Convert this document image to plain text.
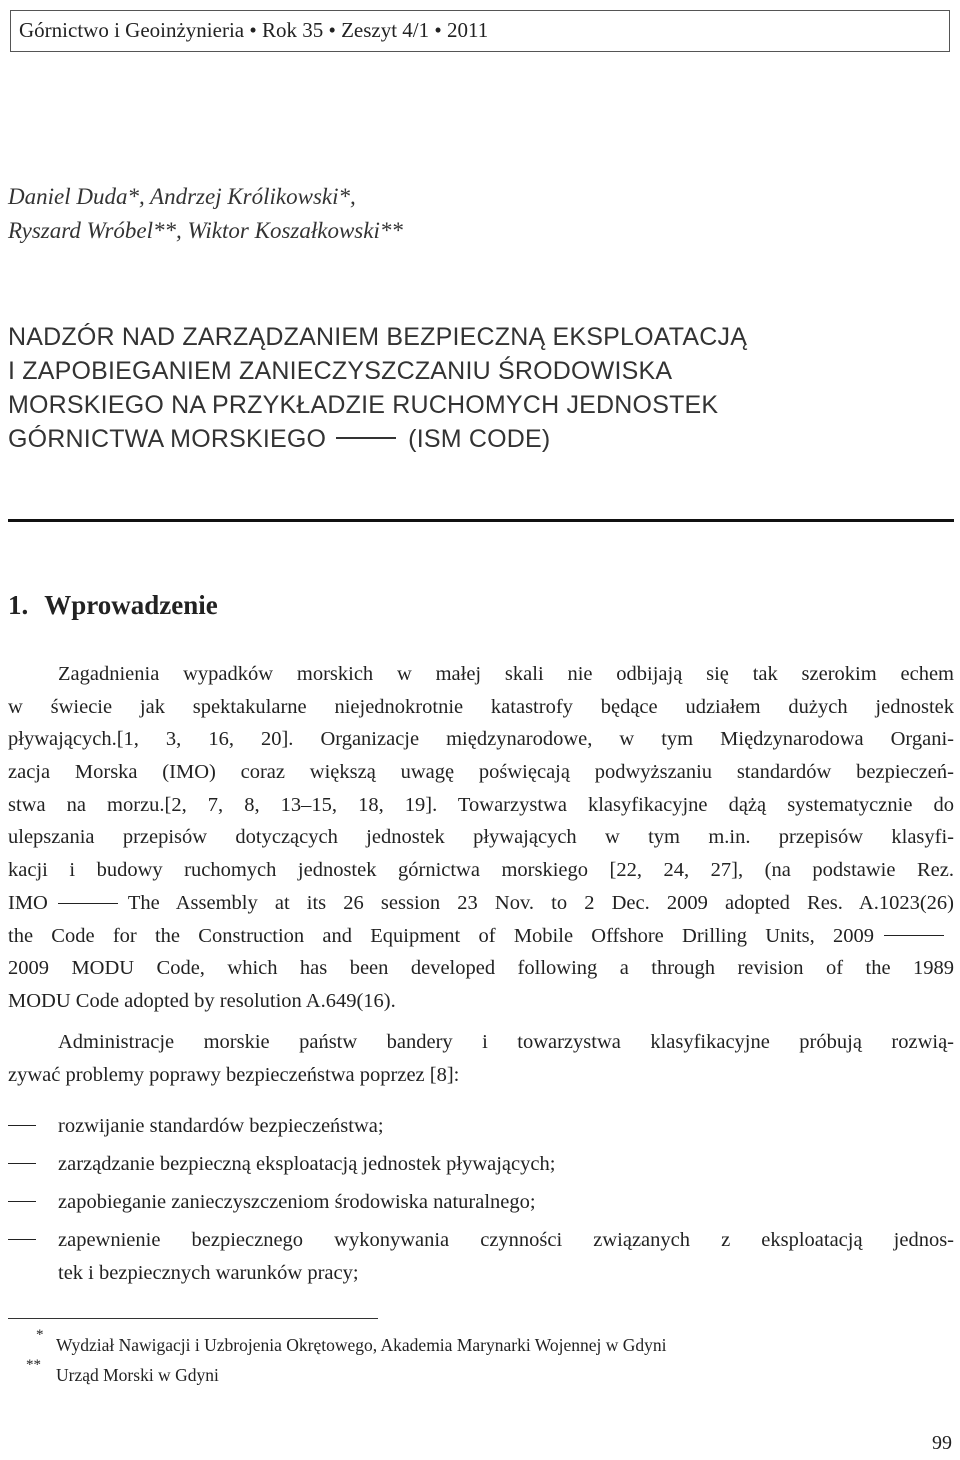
Górnictwo i Geoinżynieria • Rok 35 • Zeszyt 4/1 • 2011
Daniel Duda*, Andrzej Królikowski*,
Ryszard Wróbel**, Wiktor Koszałkowski**
NADZÓR NAD ZARZĄDZANIEM BEZPIECZNĄ EKSPLOATACJĄ
I ZAPOBIEGANIEM ZANIECZYSZCZANIU ŚRODOWISKA
MORSKIEGO NA PRZYKŁADZIE RUCHOMYCH JEDNOSTEK
GÓRNICTWA MORSKIEGO	(ISM CODE)
1. Wprowadzenie
Zagadnienia wypadków morskich w małej skali nie odbijają się tak szerokim echem
w świecie jak spektakularne niejednokrotnie katastrofy będące udziałem dużych jednostek
pływających.[1, 3, 16, 20]. Organizacje międzynarodowe, w tym Międzynarodowa Organi-
zacja Morska (IMO) coraz większą uwagę poświęcają podwyższaniu standardów bezpieczeń-
stwa na morzu.[2, 7, 8, 13–15, 18, 19]. Towarzystwa klasyfikacyjne dążą systematycznie do
ulepszania przepisów dotyczących jednostek pływających w tym m.in. przepisów klasyfi-
kacji i budowy ruchomych jednostek górnictwa morskiego [22, 24, 27], (na podstawie Rez.
IMO	The Assembly at its 26 session 23 Nov. to 2 Dec. 2009 adopted Res. A.1023(26)
the Code for the Construction and Equipment of Mobile Offshore Drilling Units, 2009
2009 MODU Code, which has been developed following a through revision of the 1989
MODU Code adopted by resolution A.649(16).
Administracje morskie państw bandery i towarzystwa klasyfikacyjne próbują rozwią-
zywać problemy poprawy bezpieczeństwa poprzez [8]:
rozwijanie standardów bezpieczeństwa;
zarządzanie bezpieczną eksploatacją jednostek pływających;
zapobieganie zanieczyszczeniom środowiska naturalnego;
zapewnienie bezpiecznego wykonywania czynności związanych z eksploatacją jednos-
tek i bezpiecznych warunków pracy;
* Wydział Nawigacji i Uzbrojenia Okrętowego, Akademia Marynarki Wojennej w Gdyni
** Urząd Morski w Gdyni
99
